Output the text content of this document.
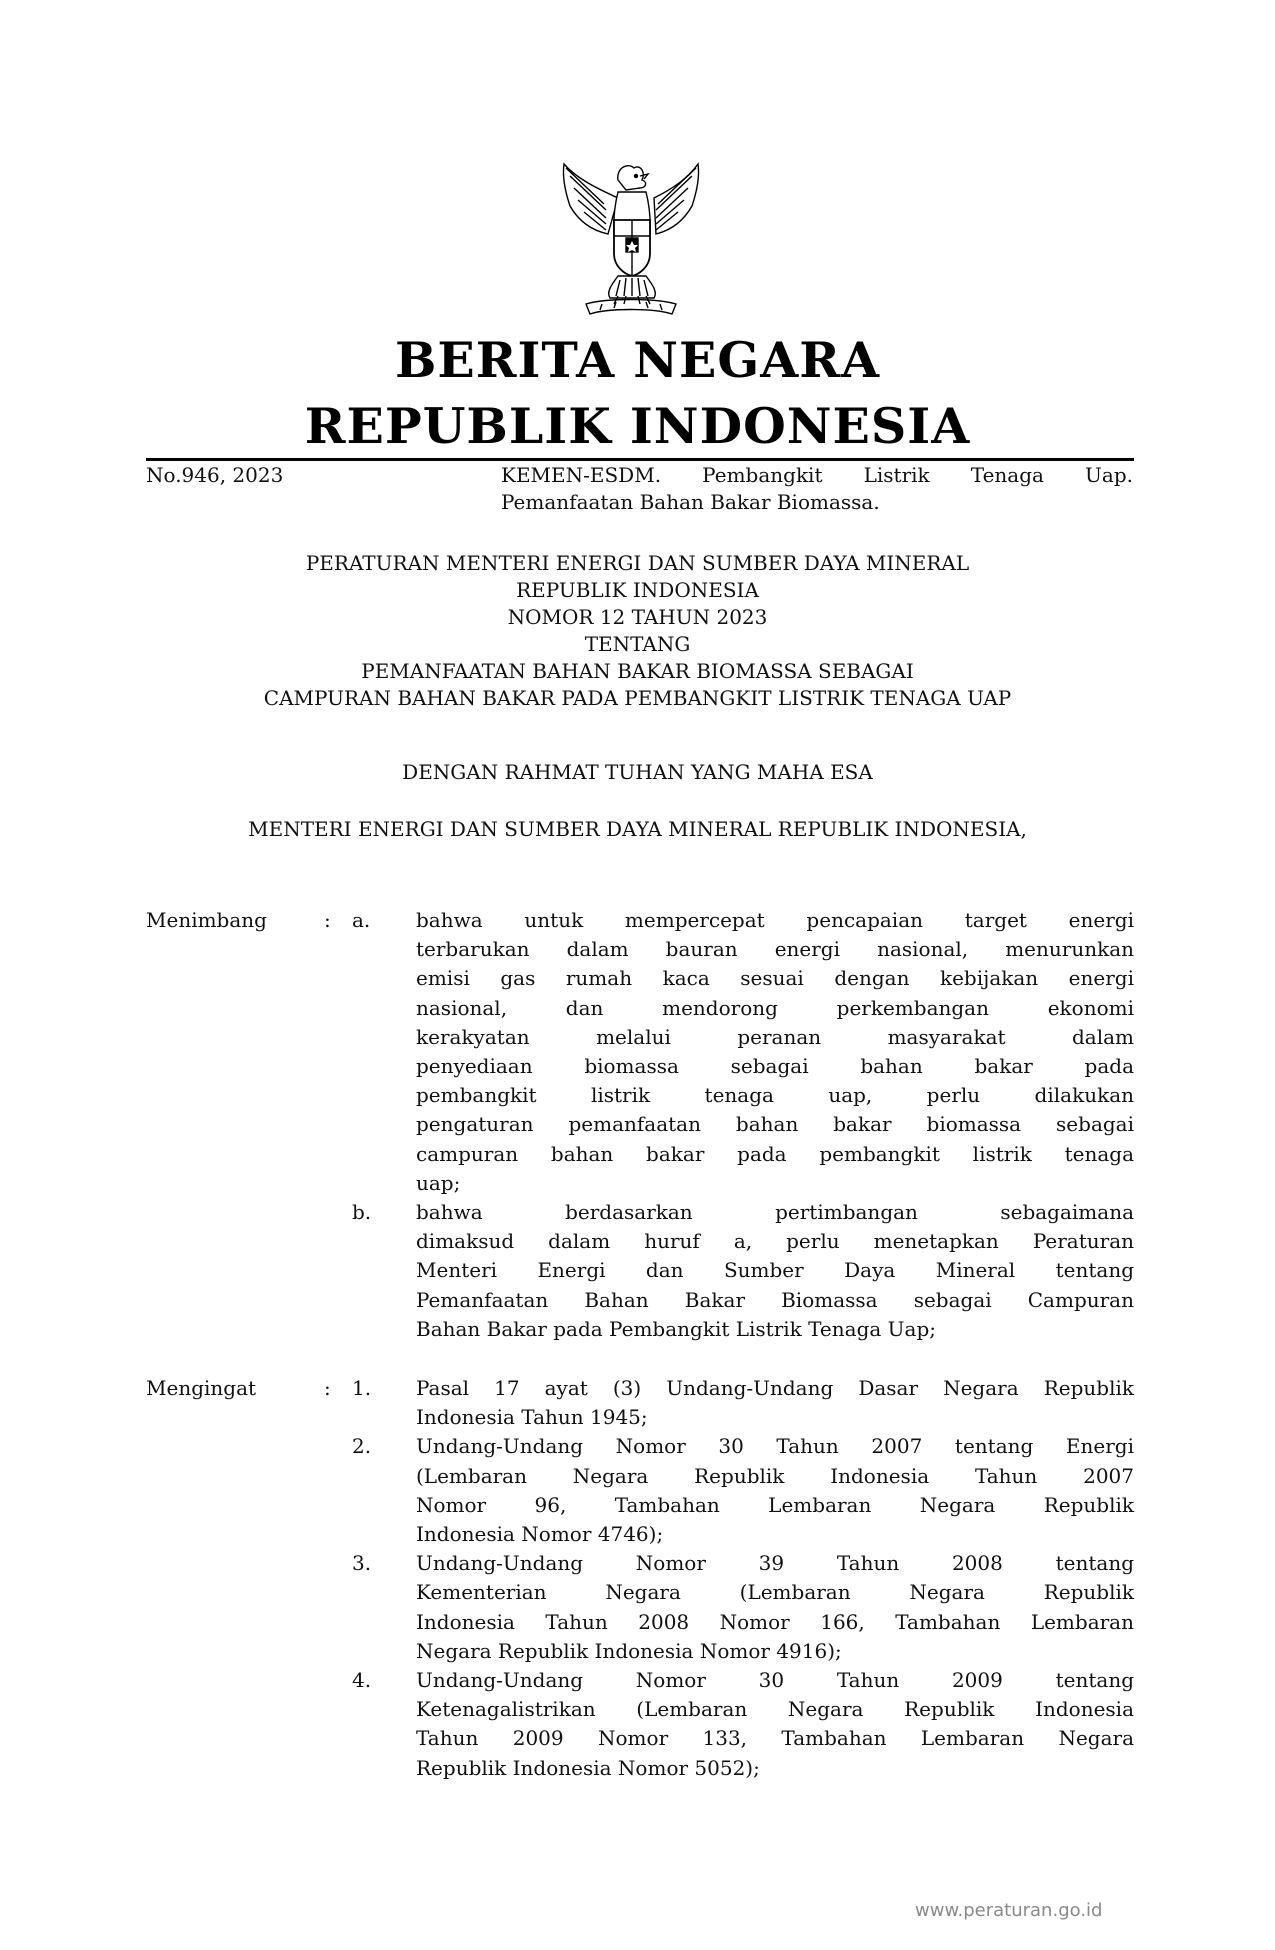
BERITA NEGARA
REPUBLIK INDONESIA
No.946, 2023	KEMEN-ESDM. Pembangkit Listrik Tenaga Uap.
Pemanfaatan Bahan Bakar Biomassa.
PERATURAN MENTERI ENERGI DAN SUMBER DAYA MINERAL
REPUBLIK INDONESIA
NOMOR 12 TAHUN 2023
TENTANG
PEMANFAATAN BAHAN BAKAR BIOMASSA SEBAGAI
CAMPURAN BAHAN BAKAR PADA PEMBANGKIT LISTRIK TENAGA UAP
DENGAN RAHMAT TUHAN YANG MAHA ESA
MENTERI ENERGI DAN SUMBER DAYA MINERAL REPUBLIK INDONESIA,
Menimbang	: a.	bahwa untuk mempercepat pencapaian target energi
terbarukan dalam bauran energi nasional, menurunkan
emisi gas rumah kaca sesuai dengan kebijakan energi
nasional, dan mendorong perkembangan ekonomi
kerakyatan melalui peranan masyarakat dalam
penyediaan biomassa sebagai bahan bakar pada
pembangkit listrik tenaga uap, perlu dilakukan
pengaturan pemanfaatan bahan bakar biomassa sebagai
campuran bahan bakar pada pembangkit listrik tenaga
uap;
b.	bahwa berdasarkan pertimbangan sebagaimana
dimaksud dalam huruf a, perlu menetapkan Peraturan
Menteri Energi dan Sumber Daya Mineral tentang
Pemanfaatan Bahan Bakar Biomassa sebagai Campuran
Bahan Bakar pada Pembangkit Listrik Tenaga Uap;
Mengingat	: 1.	Pasal 17 ayat (3) Undang-Undang Dasar Negara Republik
Indonesia Tahun 1945;
2.	Undang-Undang Nomor 30 Tahun 2007 tentang Energi
(Lembaran Negara Republik Indonesia Tahun 2007
Nomor 96, Tambahan Lembaran Negara Republik
Indonesia Nomor 4746);
3.	Undang-Undang Nomor 39 Tahun 2008 tentang
Kementerian Negara (Lembaran Negara Republik
Indonesia Tahun 2008 Nomor 166, Tambahan Lembaran
Negara Republik Indonesia Nomor 4916);
4.	Undang-Undang Nomor 30 Tahun 2009 tentang
Ketenagalistrikan (Lembaran Negara Republik Indonesia
Tahun 2009 Nomor 133, Tambahan Lembaran Negara
Republik Indonesia Nomor 5052);
www.peraturan.go.id
